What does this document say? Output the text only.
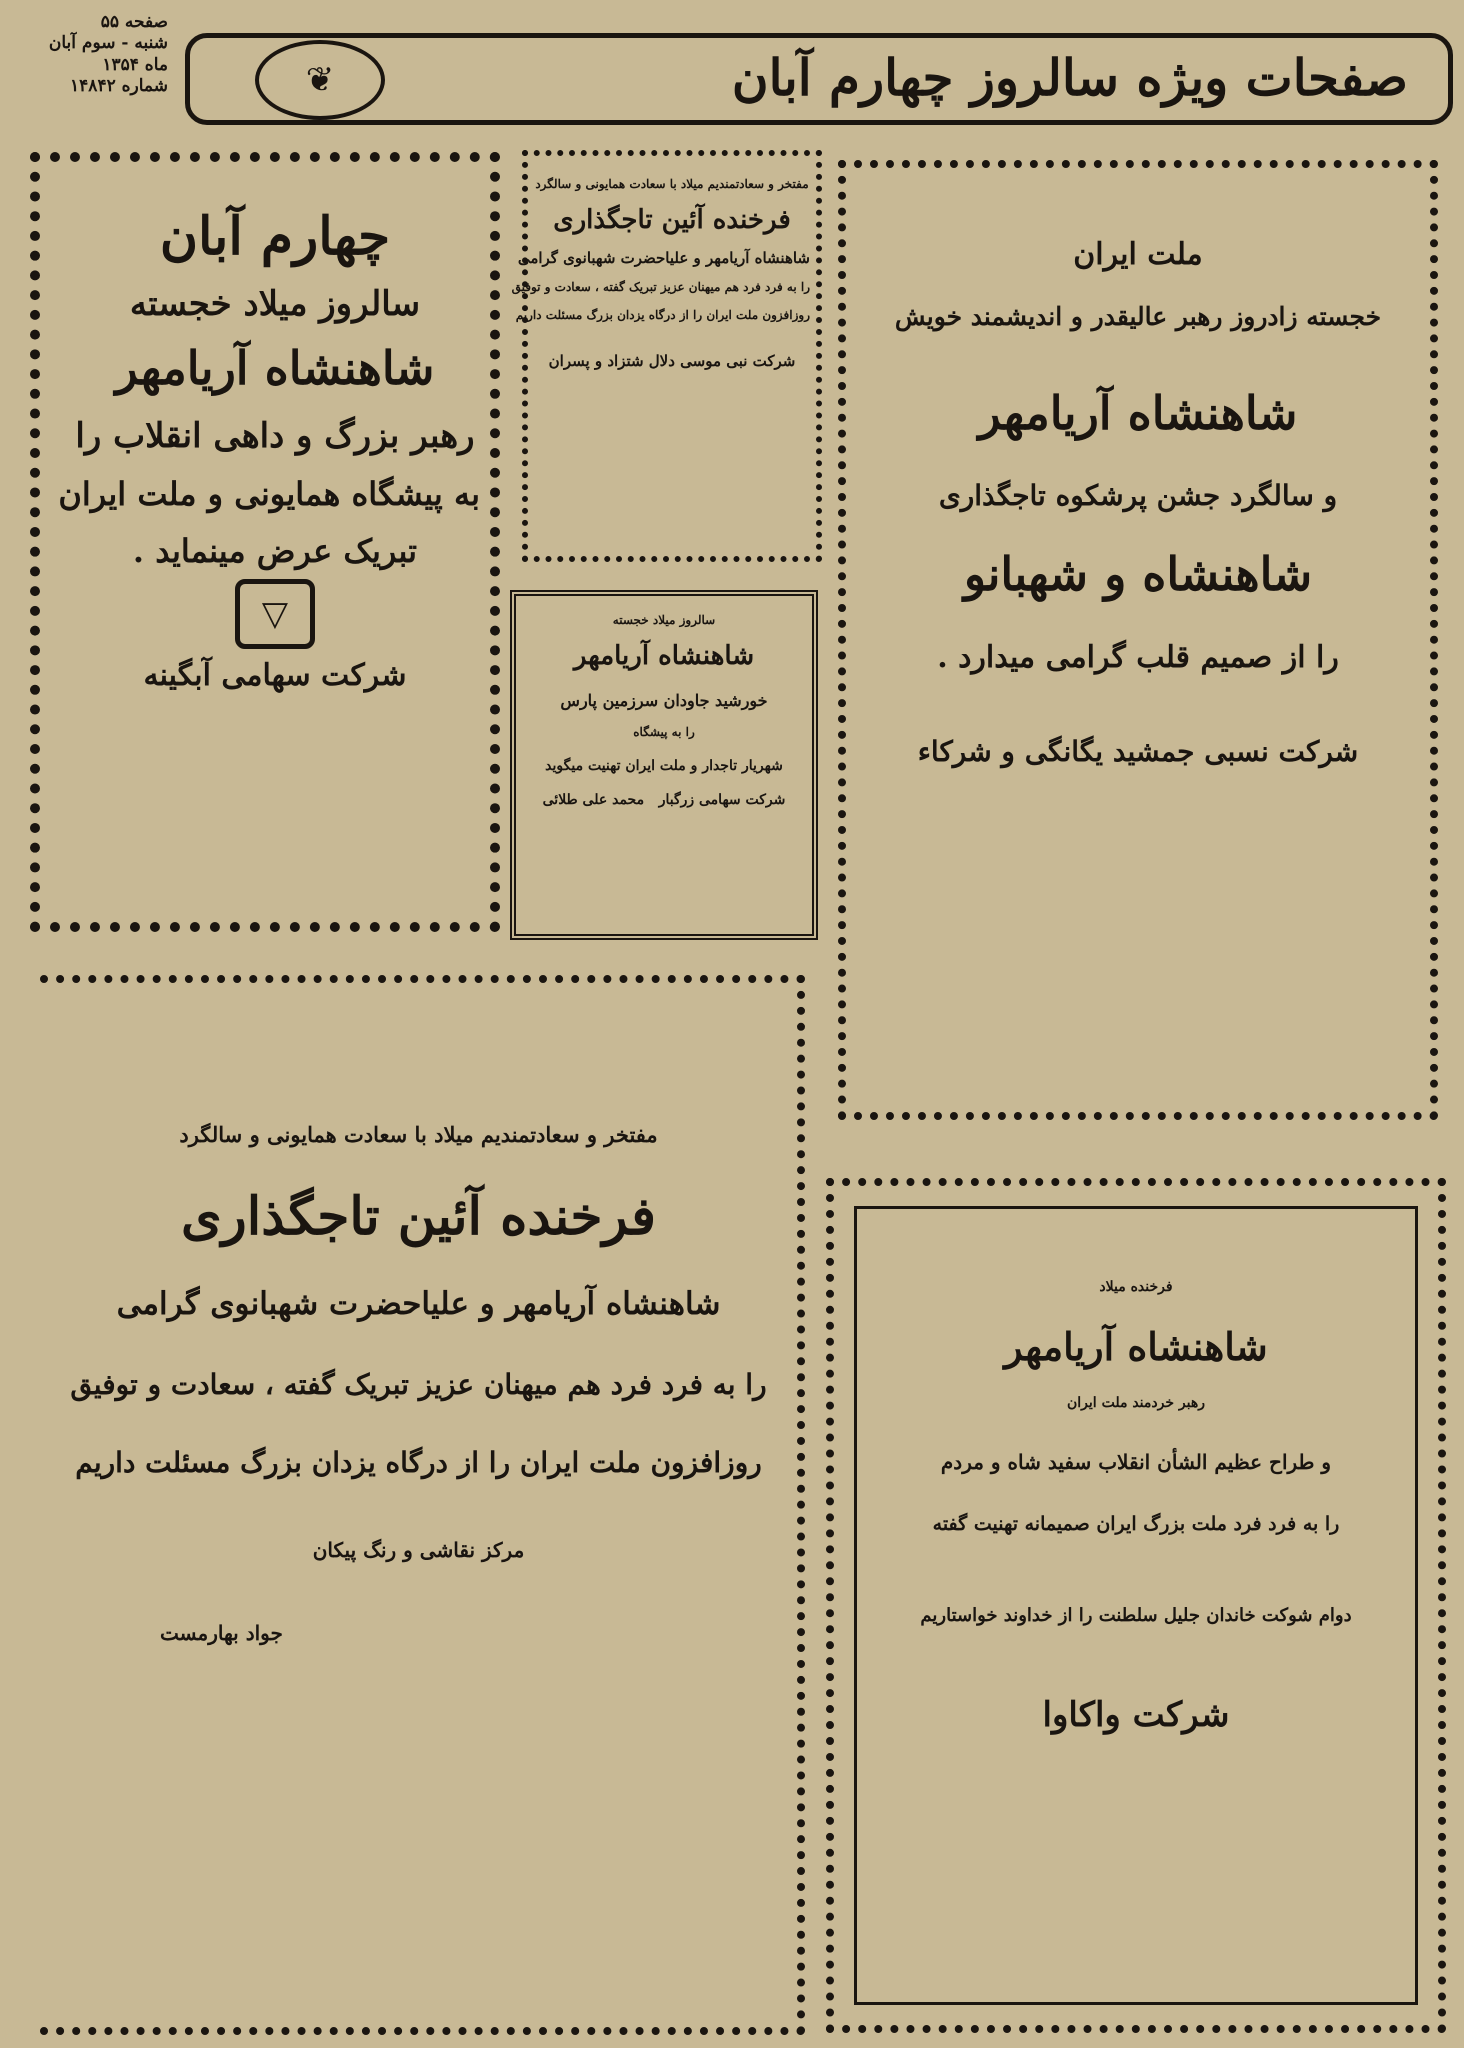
صفحه ۵۵
شنبه - سوم آبان
ماه ۱۳۵۴
شماره ۱۴۸۴۲	صفحات ویژه سالروز چهارم آبان
❦
چهارم آبان
سالروز میلاد خجسته
شاهنشاه آریامهر
رهبر بزرگ و داهی انقلاب را
به پیشگاه همایونی و ملت ایران
تبریک عرض مینماید .
▽
شرکت سهامی آبگینه
مفتخر و سعادتمندیم میلاد با سعادت همایونی و سالگرد
فرخنده آئین تاجگذاری
شاهنشاه آریامهر و علیاحضرت شهبانوی گرامی
را به فرد فرد هم میهنان عزیز تبریک گفته ، سعادت و توفیق
روزافزون ملت ایران را از درگاه یزدان بزرگ مسئلت داریم
شرکت نبی موسی دلال شتزاد و پسران
سالروز میلاد خجسته
شاهنشاه آریامهر
خورشید جاودان سرزمین پارس
را به پیشگاه
شهریار تاجدار و ملت ایران تهنیت میگوید
شرکت سهامی زرگبار   محمد علی طلائی
ملت ایران
خجسته زادروز رهبر عالیقدر و اندیشمند خویش
شاهنشاه آریامهر
و سالگرد جشن پرشکوه تاجگذاری
شاهنشاه و شهبانو
را از صمیم قلب گرامی میدارد .
شرکت نسبی جمشید یگانگی و شرکاء
مفتخر و سعادتمندیم میلاد با سعادت همایونی و سالگرد
فرخنده آئین تاجگذاری
شاهنشاه آریامهر و علیاحضرت شهبانوی گرامی
را به فرد فرد هم میهنان عزیز تبریک گفته ، سعادت و توفیق
روزافزون ملت ایران را از درگاه یزدان بزرگ مسئلت داریم
مرکز نقاشی و رنگ پیکان
جواد بهارمست
فرخنده میلاد
شاهنشاه آریامهر
رهبر خردمند ملت ایران
و طراح عظیم الشأن انقلاب سفید شاه و مردم
را به فرد فرد ملت بزرگ ایران صمیمانه تهنیت گفته
دوام شوکت خاندان جلیل سلطنت را از خداوند خواستاریم
شرکت واکاوا
